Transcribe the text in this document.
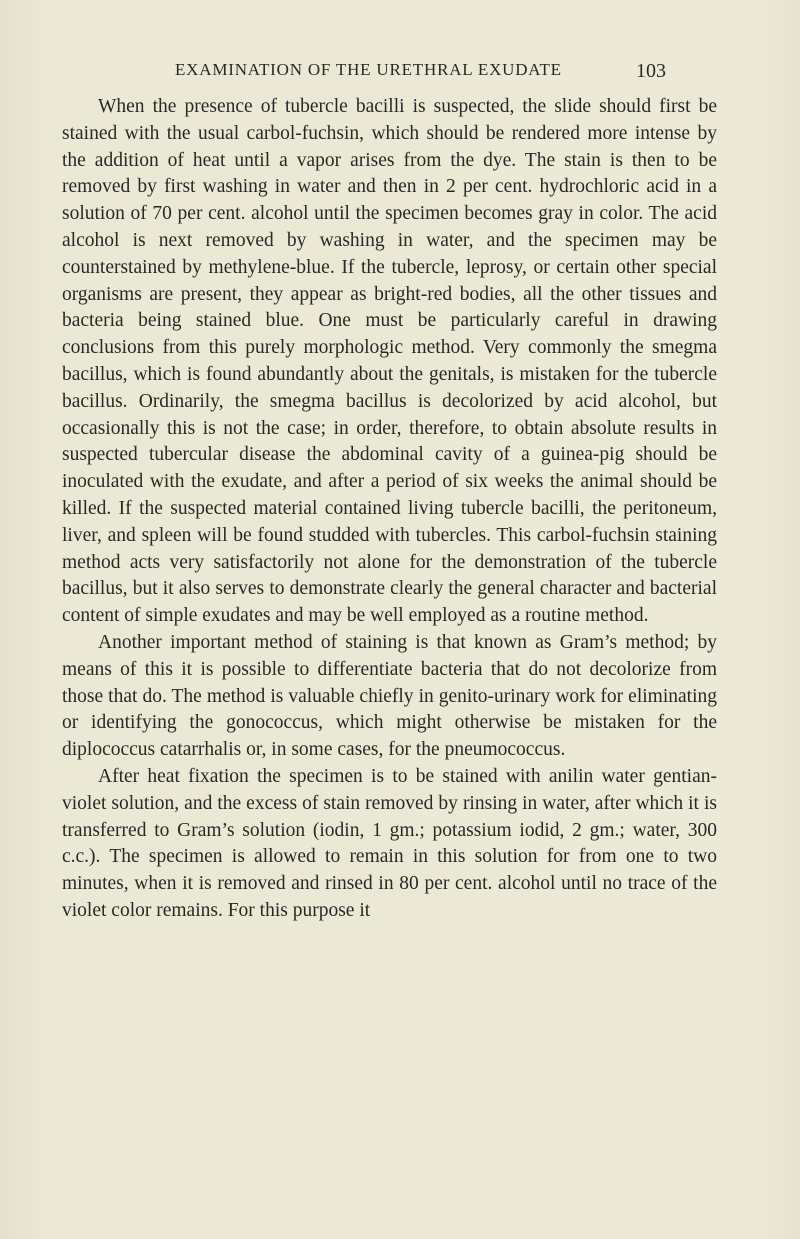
EXAMINATION OF THE URETHRAL EXUDATE	103

When the presence of tubercle bacilli is suspected, the slide should first be stained with the usual carbol-fuchsin, which should be rendered more intense by the addition of heat until a vapor arises from the dye. The stain is then to be removed by first washing in water and then in 2 per cent. hydrochloric acid in a solution of 70 per cent. alcohol until the specimen becomes gray in color. The acid alcohol is next removed by washing in water, and the specimen may be counterstained by methylene-blue. If the tubercle, leprosy, or certain other special organisms are present, they appear as bright-red bodies, all the other tissues and bacteria being stained blue. One must be particularly careful in drawing conclusions from this purely morphologic method. Very commonly the smegma bacillus, which is found abundantly about the genitals, is mistaken for the tubercle bacillus. Ordinarily, the smegma bacillus is decolorized by acid alcohol, but occasionally this is not the case; in order, therefore, to obtain absolute results in suspected tubercular disease the abdominal cavity of a guinea-pig should be inoculated with the exudate, and after a period of six weeks the animal should be killed. If the suspected material contained living tubercle bacilli, the peritoneum, liver, and spleen will be found studded with tubercles. This carbol-fuchsin staining method acts very satisfactorily not alone for the demonstration of the tubercle bacillus, but it also serves to demonstrate clearly the general character and bacterial content of simple exudates and may be well employed as a routine method.

Another important method of staining is that known as Gram’s method; by means of this it is possible to differentiate bacteria that do not decolorize from those that do. The method is valuable chiefly in genito-urinary work for eliminating or identifying the gonococcus, which might otherwise be mistaken for the diplococcus catarrhalis or, in some cases, for the pneumococcus.

After heat fixation the specimen is to be stained with anilin water gentian-violet solution, and the excess of stain removed by rinsing in water, after which it is transferred to Gram’s solution (iodin, 1 gm.; potassium iodid, 2 gm.; water, 300 c.c.). The specimen is allowed to remain in this solution for from one to two minutes, when it is removed and rinsed in 80 per cent. alcohol until no trace of the violet color remains. For this purpose it
